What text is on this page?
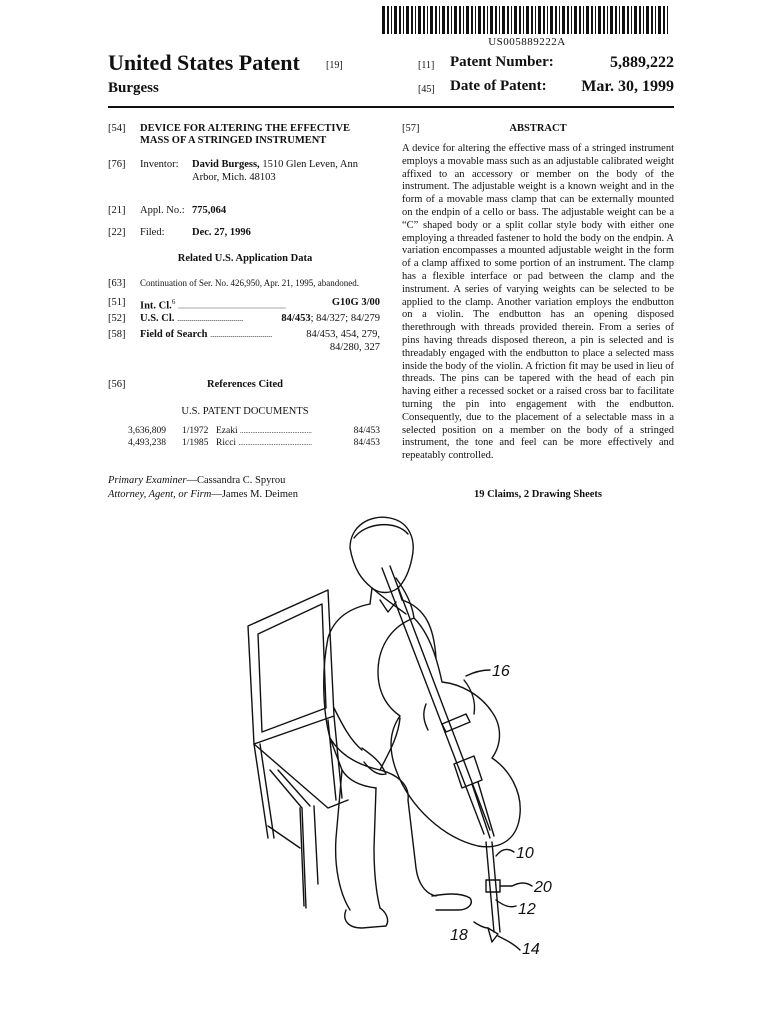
US005889222A
United States Patent	[19]
Burgess
[11] Patent Number:	5,889,222
[45] Date of Patent: Mar. 30, 1999
[54] DEVICE FOR ALTERING THE EFFECTIVE
MASS OF A STRINGED INSTRUMENT
[76] Inventor: David Burgess, 1510 Glen Leven, Ann
Arbor, Mich. 48103
[21] Appl. No.: 775,064
[22] Filed:	Dec. 27, 1996
Related U.S. Application Data
[63] Continuation of Ser. No. 426,950, Apr. 21, 1995, abandoned.
[51] Int. Cl.$^6$ ......................................................	G10G 3/00
[52] U.S. Cl. .................................	84/453; 84/327; 84/279
[58] Field of Search ...............................	84/453, 454, 279,
84/280, 327
[56]	References Cited
U.S. PATENT DOCUMENTS
3,636,809 1/1972 Ezaki .........................................	84/453
4,493,238 1/1985 Ricci ..........................................	84/453
Primary Examiner—Cassandra C. Spyrou
Attorney, Agent, or Firm—James M. Deimen
[57]	ABSTRACT
A device for altering the effective mass of a stringed instrument employs a movable mass such as an adjustable calibrated weight affixed to an accessory or member on the body of the instrument. The adjustable weight is a known weight and in the form of a movable mass clamp that can be externally mounted on the endpin of a cello or bass. The adjustable weight can be a “C” shaped body or a split collar style body with either one employing a threaded fastener to hold the body on the endpin. A variation encompasses a mounted adjustable weight in the form of a clamp affixed to some portion of an instrument. The clamp has a flexible interface or pad between the clamp and the instrument. A series of varying weights can be selected to be applied to the clamp. Another variation employs the endbutton on a violin. The endbutton has an opening disposed therethrough with threads provided therein. From a series of pins having threads disposed thereon, a pin is selected and is threadably engaged with the endbutton to place a selected mass inside the body of the violin. A friction fit may be used in lieu of threads. The pins can be tapered with the head of each pin having either a recessed socket or a raised cross bar to facilitate turning the pin into engagement with the endbutton. Consequently, due to the placement of a selectable mass in a selected position on a member on the body of a stringed instrument, the tone and feel can be more effectively and repeatably controlled.
19 Claims, 2 Drawing Sheets
16
10
20
12
18
14
